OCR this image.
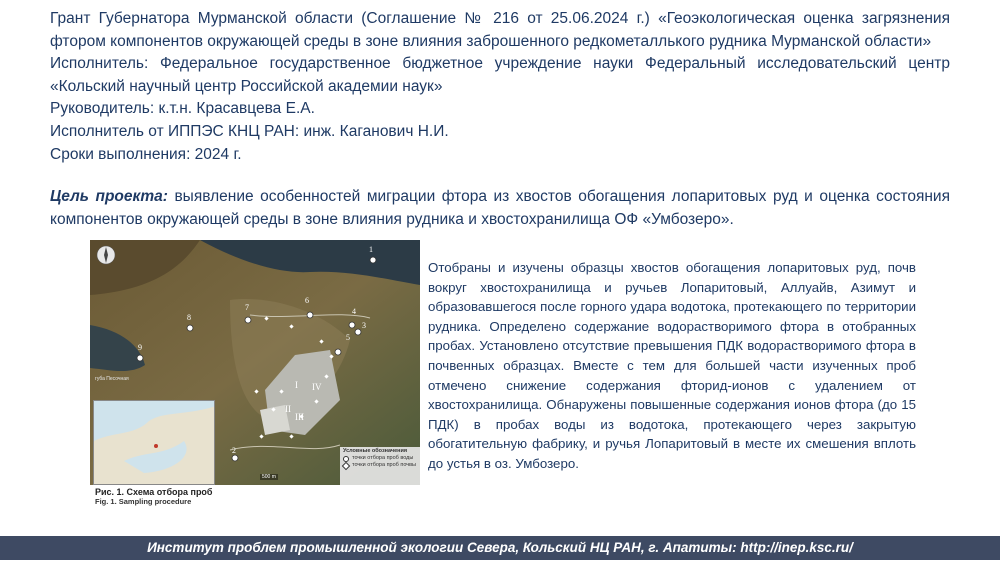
Грант Губернатора Мурманской области (Соглашение № 216 от 25.06.2024 г.) «Геоэкологическая оценка загрязнения фтором компонентов окружающей среды в зоне влияния заброшенного редкометаллького рудника Мурманской области»

Исполнитель: Федеральное государственное бюджетное учреждение науки Федеральный исследовательский центр «Кольский научный центр Российской академии наук»

Руководитель: к.т.н. Красавцева Е.А.

Исполнитель от ИППЭС КНЦ РАН: инж. Каганович Н.И.

Сроки выполнения: 2024 г.

Цель проекта: выявление особенностей миграции фтора из хвостов обогащения лопаритовых руд и оценка состояния компонентов окружающей среды в зоне влияния рудника и хвостохранилища ОФ «Умбозеро».

1
2
3
4
5
6
7
8
9
I
II
III
IV
губа Песочная
Условные обозначения
точки отбора проб воды
точки отбора проб почвы
500 m
Рис. 1. Схема отбора проб
Fig. 1. Sampling procedure

Отобраны и изучены образцы хвостов обогащения лопаритовых руд, почв вокруг хвостохранилища и ручьев Лопаритовый, Аллуайв, Азимут и образовавшегося после горного удара водотока, протекающего по территории рудника. Определено содержание водорастворимого фтора в отобранных пробах. Установлено отсутствие превышения ПДК водорастворимого фтора в почвенных образцах. Вместе с тем для большей части изученных проб отмечено снижение содержания фторид-ионов с удалением от хвостохранилища. Обнаружены повышенные содержания ионов фтора (до 15 ПДК) в пробах воды из водотока, протекающего через закрытую обогатительную фабрику, и ручья Лопаритовый в месте их смешения вплоть до устья в оз. Умбозеро.

Институт проблем промышленной экологии Севера, Кольский НЦ РАН, г. Апатиты: http://inep.ksc.ru/
